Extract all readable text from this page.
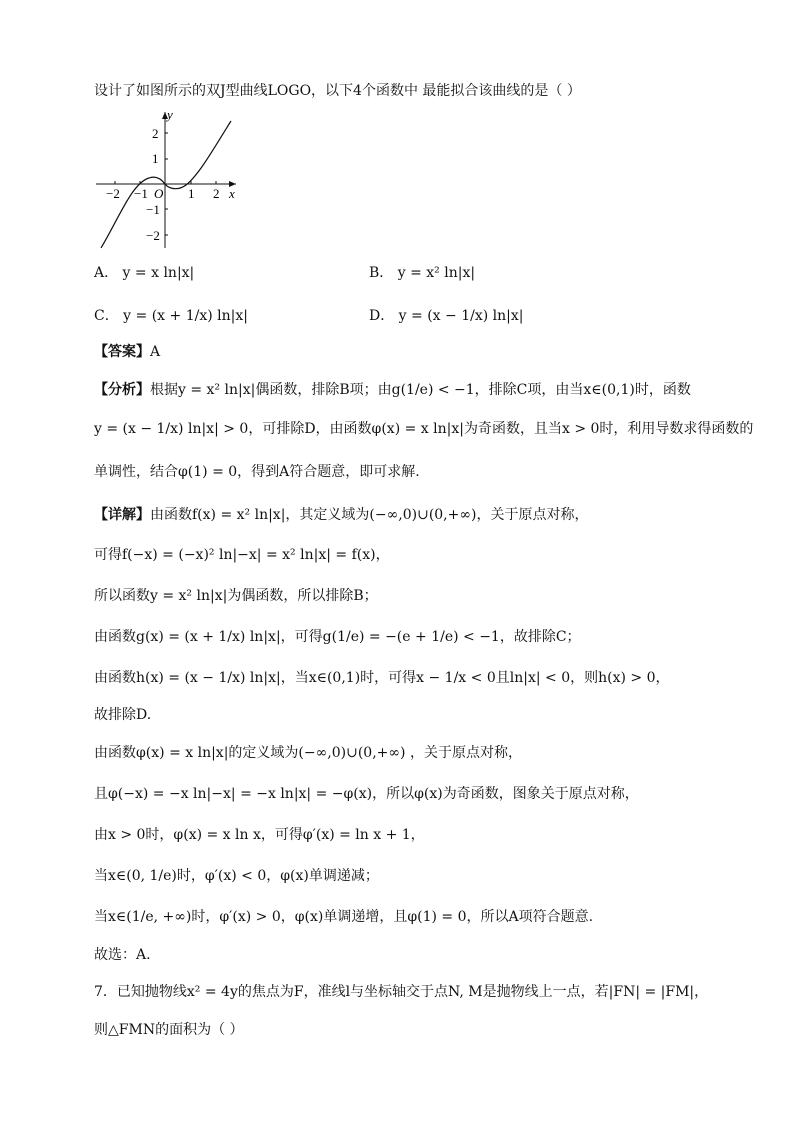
设计了如图所示的双J型曲线LOGO，以下4个函数中 最能拟合该曲线的是（ ）
y
x
O
−2 −1	1 2
2
1
−1
−2
A． y = x ln|x|	B． y = x² ln|x|
C． y = (x + 1/x) ln|x|	D． y = (x − 1/x) ln|x|
【答案】A
【分析】根据y = x² ln|x|偶函数，排除B项；由g(1/e) < −1，排除C项，由当x∈(0,1)时，函数
y = (x − 1/x) ln|x| > 0，可排除D，由函数φ(x) = x ln|x|为奇函数，且当x > 0时，利用导数求得函数的
单调性，结合φ(1) = 0，得到A符合题意，即可求解.
【详解】由函数f(x) = x² ln|x|，其定义域为(−∞,0)∪(0,+∞)，关于原点对称，
可得f(−x) = (−x)² ln|−x| = x² ln|x| = f(x)，
所以函数y = x² ln|x|为偶函数，所以排除B；
由函数g(x) = (x + 1/x) ln|x|，可得g(1/e) = −(e + 1/e) < −1，故排除C；
由函数h(x) = (x − 1/x) ln|x|，当x∈(0,1)时，可得x − 1/x < 0且ln|x| < 0，则h(x) > 0，
故排除D.
由函数φ(x) = x ln|x|的定义域为(−∞,0)∪(0,+∞) ，关于原点对称，
且φ(−x) = −x ln|−x| = −x ln|x| = −φ(x)，所以φ(x)为奇函数，图象关于原点对称，
由x > 0时，φ(x) = x ln x，可得φ′(x) = ln x + 1，
当x∈(0, 1/e)时，φ′(x) < 0，φ(x)单调递减；
当x∈(1/e, +∞)时，φ′(x) > 0，φ(x)单调递增，且φ(1) = 0，所以A项符合题意.
故选：A.
7．已知抛物线x² = 4y的焦点为F，准线l与坐标轴交于点N, M是抛物线上一点，若|FN| = |FM|，
则△FMN的面积为（ ）
